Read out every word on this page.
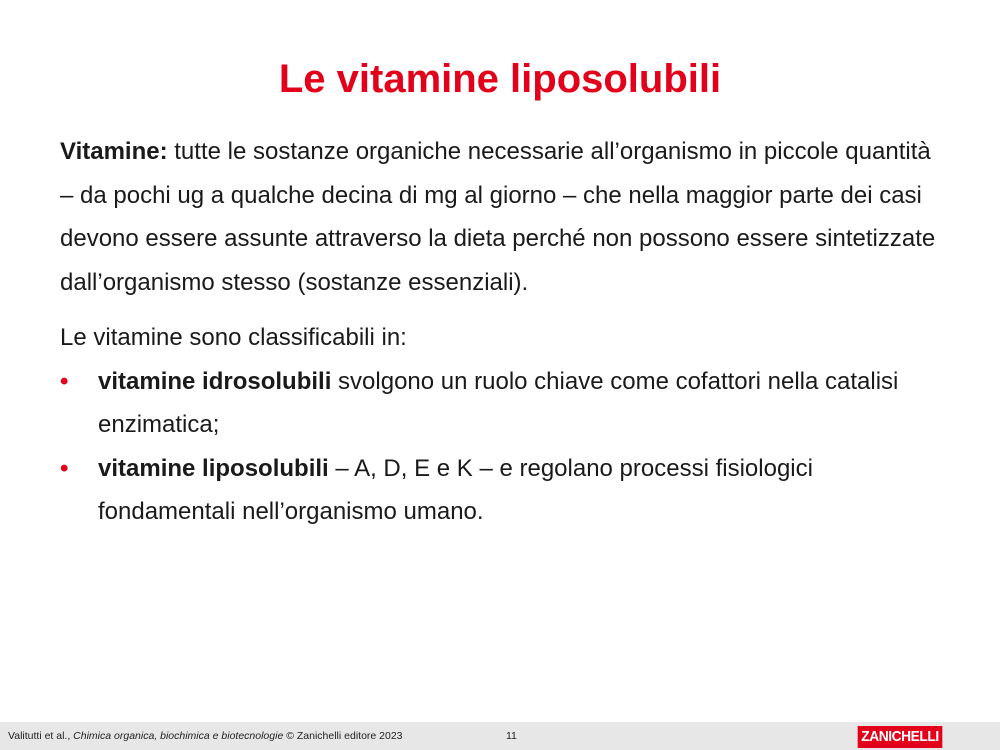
Le vitamine liposolubili

Vitamine: tutte le sostanze organiche necessarie all’organismo in piccole quantità – da pochi ug a qualche decina di mg al giorno – che nella maggior parte dei casi devono essere assunte attraverso la dieta perché non possono essere sintetizzate dall’organismo stesso (sostanze essenziali).

Le vitamine sono classificabili in:

• vitamine idrosolubili svolgono un ruolo chiave come cofattori nella catalisi enzimatica;
• vitamine liposolubili – A, D, E e K – e regolano processi fisiologici fondamentali nell’organismo umano.
Valitutti et al., Chimica organica, biochimica e biotecnologie © Zanichelli editore 2023	11	ZANICHELLI
